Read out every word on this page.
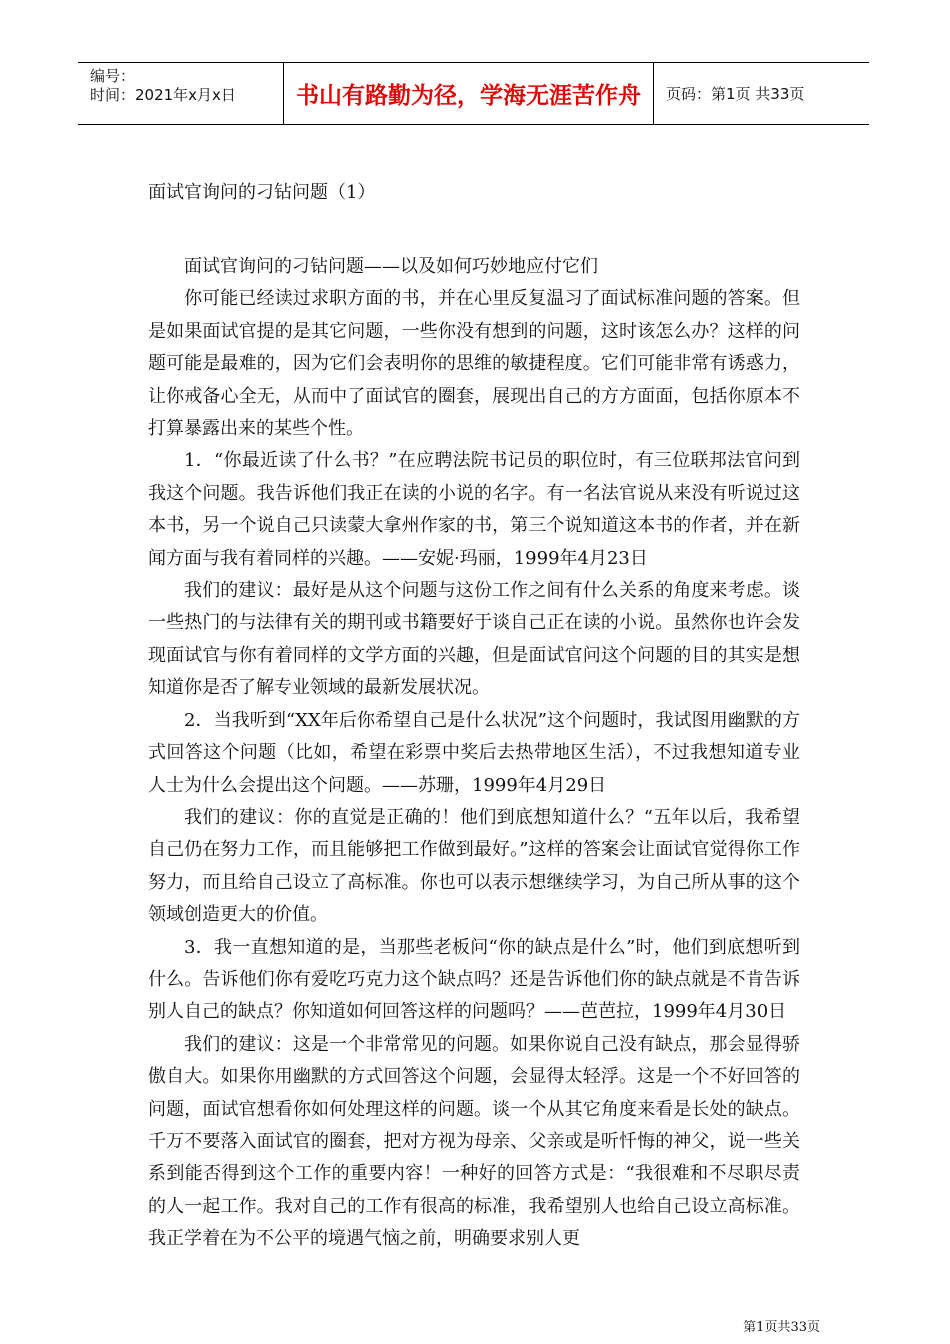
编号：
时间：2021年x月x日	书山有路勤为径，学海无涯苦作舟	页码：第1页 共33页
面试官询问的刁钻问题（1）

面试官询问的刁钻问题——以及如何巧妙地应付它们

你可能已经读过求职方面的书，并在心里反复温习了面试标准问题的答案。但是如果面试官提的是其它问题，一些你没有想到的问题，这时该怎么办？这样的问题可能是最难的，因为它们会表明你的思维的敏捷程度。它们可能非常有诱惑力，让你戒备心全无，从而中了面试官的圈套，展现出自己的方方面面，包括你原本不打算暴露出来的某些个性。

1．“你最近读了什么书？”在应聘法院书记员的职位时，有三位联邦法官问到我这个问题。我告诉他们我正在读的小说的名字。有一名法官说从来没有听说过这本书，另一个说自己只读蒙大拿州作家的书，第三个说知道这本书的作者，并在新闻方面与我有着同样的兴趣。——安妮·玛丽，1999年4月23日

我们的建议：最好是从这个问题与这份工作之间有什么关系的角度来考虑。谈一些热门的与法律有关的期刊或书籍要好于谈自己正在读的小说。虽然你也许会发现面试官与你有着同样的文学方面的兴趣，但是面试官问这个问题的目的其实是想知道你是否了解专业领域的最新发展状况。

2．当我听到“XX年后你希望自己是什么状况”这个问题时，我试图用幽默的方式回答这个问题（比如，希望在彩票中奖后去热带地区生活），不过我想知道专业人士为什么会提出这个问题。——苏珊，1999年4月29日

我们的建议：你的直觉是正确的！他们到底想知道什么？“五年以后，我希望自己仍在努力工作，而且能够把工作做到最好。”这样的答案会让面试官觉得你工作努力，而且给自己设立了高标准。你也可以表示想继续学习，为自己所从事的这个领域创造更大的价值。

3．我一直想知道的是，当那些老板问“你的缺点是什么”时，他们到底想听到什么。告诉他们你有爱吃巧克力这个缺点吗？还是告诉他们你的缺点就是不肯告诉别人自己的缺点？你知道如何回答这样的问题吗？——芭芭拉，1999年4月30日

我们的建议：这是一个非常常见的问题。如果你说自己没有缺点，那会显得骄傲自大。如果你用幽默的方式回答这个问题，会显得太轻浮。这是一个不好回答的问题，面试官想看你如何处理这样的问题。谈一个从其它角度来看是长处的缺点。千万不要落入面试官的圈套，把对方视为母亲、父亲或是听忏悔的神父，说一些关系到能否得到这个工作的重要内容！一种好的回答方式是：“我很难和不尽职尽责的人一起工作。我对自己的工作有很高的标准，我希望别人也给自己设立高标准。我正学着在为不公平的境遇气恼之前，明确要求别人更

第1页共33页
